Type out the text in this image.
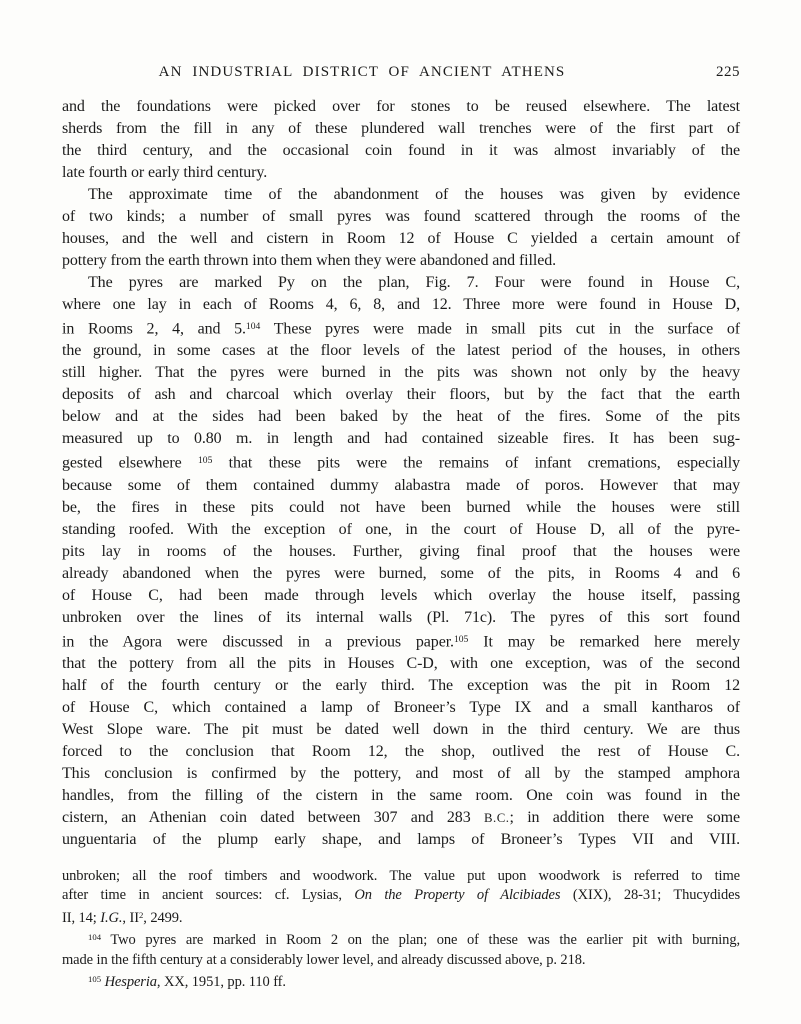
AN INDUSTRIAL DISTRICT OF ANCIENT ATHENS	225
and the foundations were picked over for stones to be reused elsewhere. The latest
sherds from the fill in any of these plundered wall trenches were of the first part of
the third century, and the occasional coin found in it was almost invariably of the
late fourth or early third century.
The approximate time of the abandonment of the houses was given by evidence
of two kinds; a number of small pyres was found scattered through the rooms of the
houses, and the well and cistern in Room 12 of House C yielded a certain amount of
pottery from the earth thrown into them when they were abandoned and filled.
The pyres are marked Py on the plan, Fig. 7. Four were found in House C,
where one lay in each of Rooms 4, 6, 8, and 12. Three more were found in House D,
in Rooms 2, 4, and 5.$^{104}$ These pyres were made in small pits cut in the surface of
the ground, in some cases at the floor levels of the latest period of the houses, in others
still higher. That the pyres were burned in the pits was shown not only by the heavy
deposits of ash and charcoal which overlay their floors, but by the fact that the earth
below and at the sides had been baked by the heat of the fires. Some of the pits
measured up to 0.80 m. in length and had contained sizeable fires. It has been sug-
gested elsewhere $^{105}$ that these pits were the remains of infant cremations, especially
because some of them contained dummy alabastra made of poros. However that may
be, the fires in these pits could not have been burned while the houses were still
standing roofed. With the exception of one, in the court of House D, all of the pyre-
pits lay in rooms of the houses. Further, giving final proof that the houses were
already abandoned when the pyres were burned, some of the pits, in Rooms 4 and 6
of House C, had been made through levels which overlay the house itself, passing
unbroken over the lines of its internal walls (Pl. 71c). The pyres of this sort found
in the Agora were discussed in a previous paper.$^{105}$ It may be remarked here merely
that the pottery from all the pits in Houses C-D, with one exception, was of the second
half of the fourth century or the early third. The exception was the pit in Room 12
of House C, which contained a lamp of Broneer’s Type IX and a small kantharos of
West Slope ware. The pit must be dated well down in the third century. We are thus
forced to the conclusion that Room 12, the shop, outlived the rest of House C.
This conclusion is confirmed by the pottery, and most of all by the stamped amphora
handles, from the filling of the cistern in the same room. One coin was found in the
cistern, an Athenian coin dated between 307 and 283 B.C.; in addition there were some
unguentaria of the plump early shape, and lamps of Broneer’s Types VII and VIII.
unbroken; all the roof timbers and woodwork. The value put upon woodwork is referred to time
after time in ancient sources: cf. Lysias, On the Property of Alcibiades (XIX), 28-31; Thucydides
II, 14; I.G., $II^2$, 2499.
$^{104}$ Two pyres are marked in Room 2 on the plan; one of these was the earlier pit with burning,
made in the fifth century at a considerably lower level, and already discussed above, p. 218.
$^{105}$ Hesperia, XX, 1951, pp. 110 ff.
